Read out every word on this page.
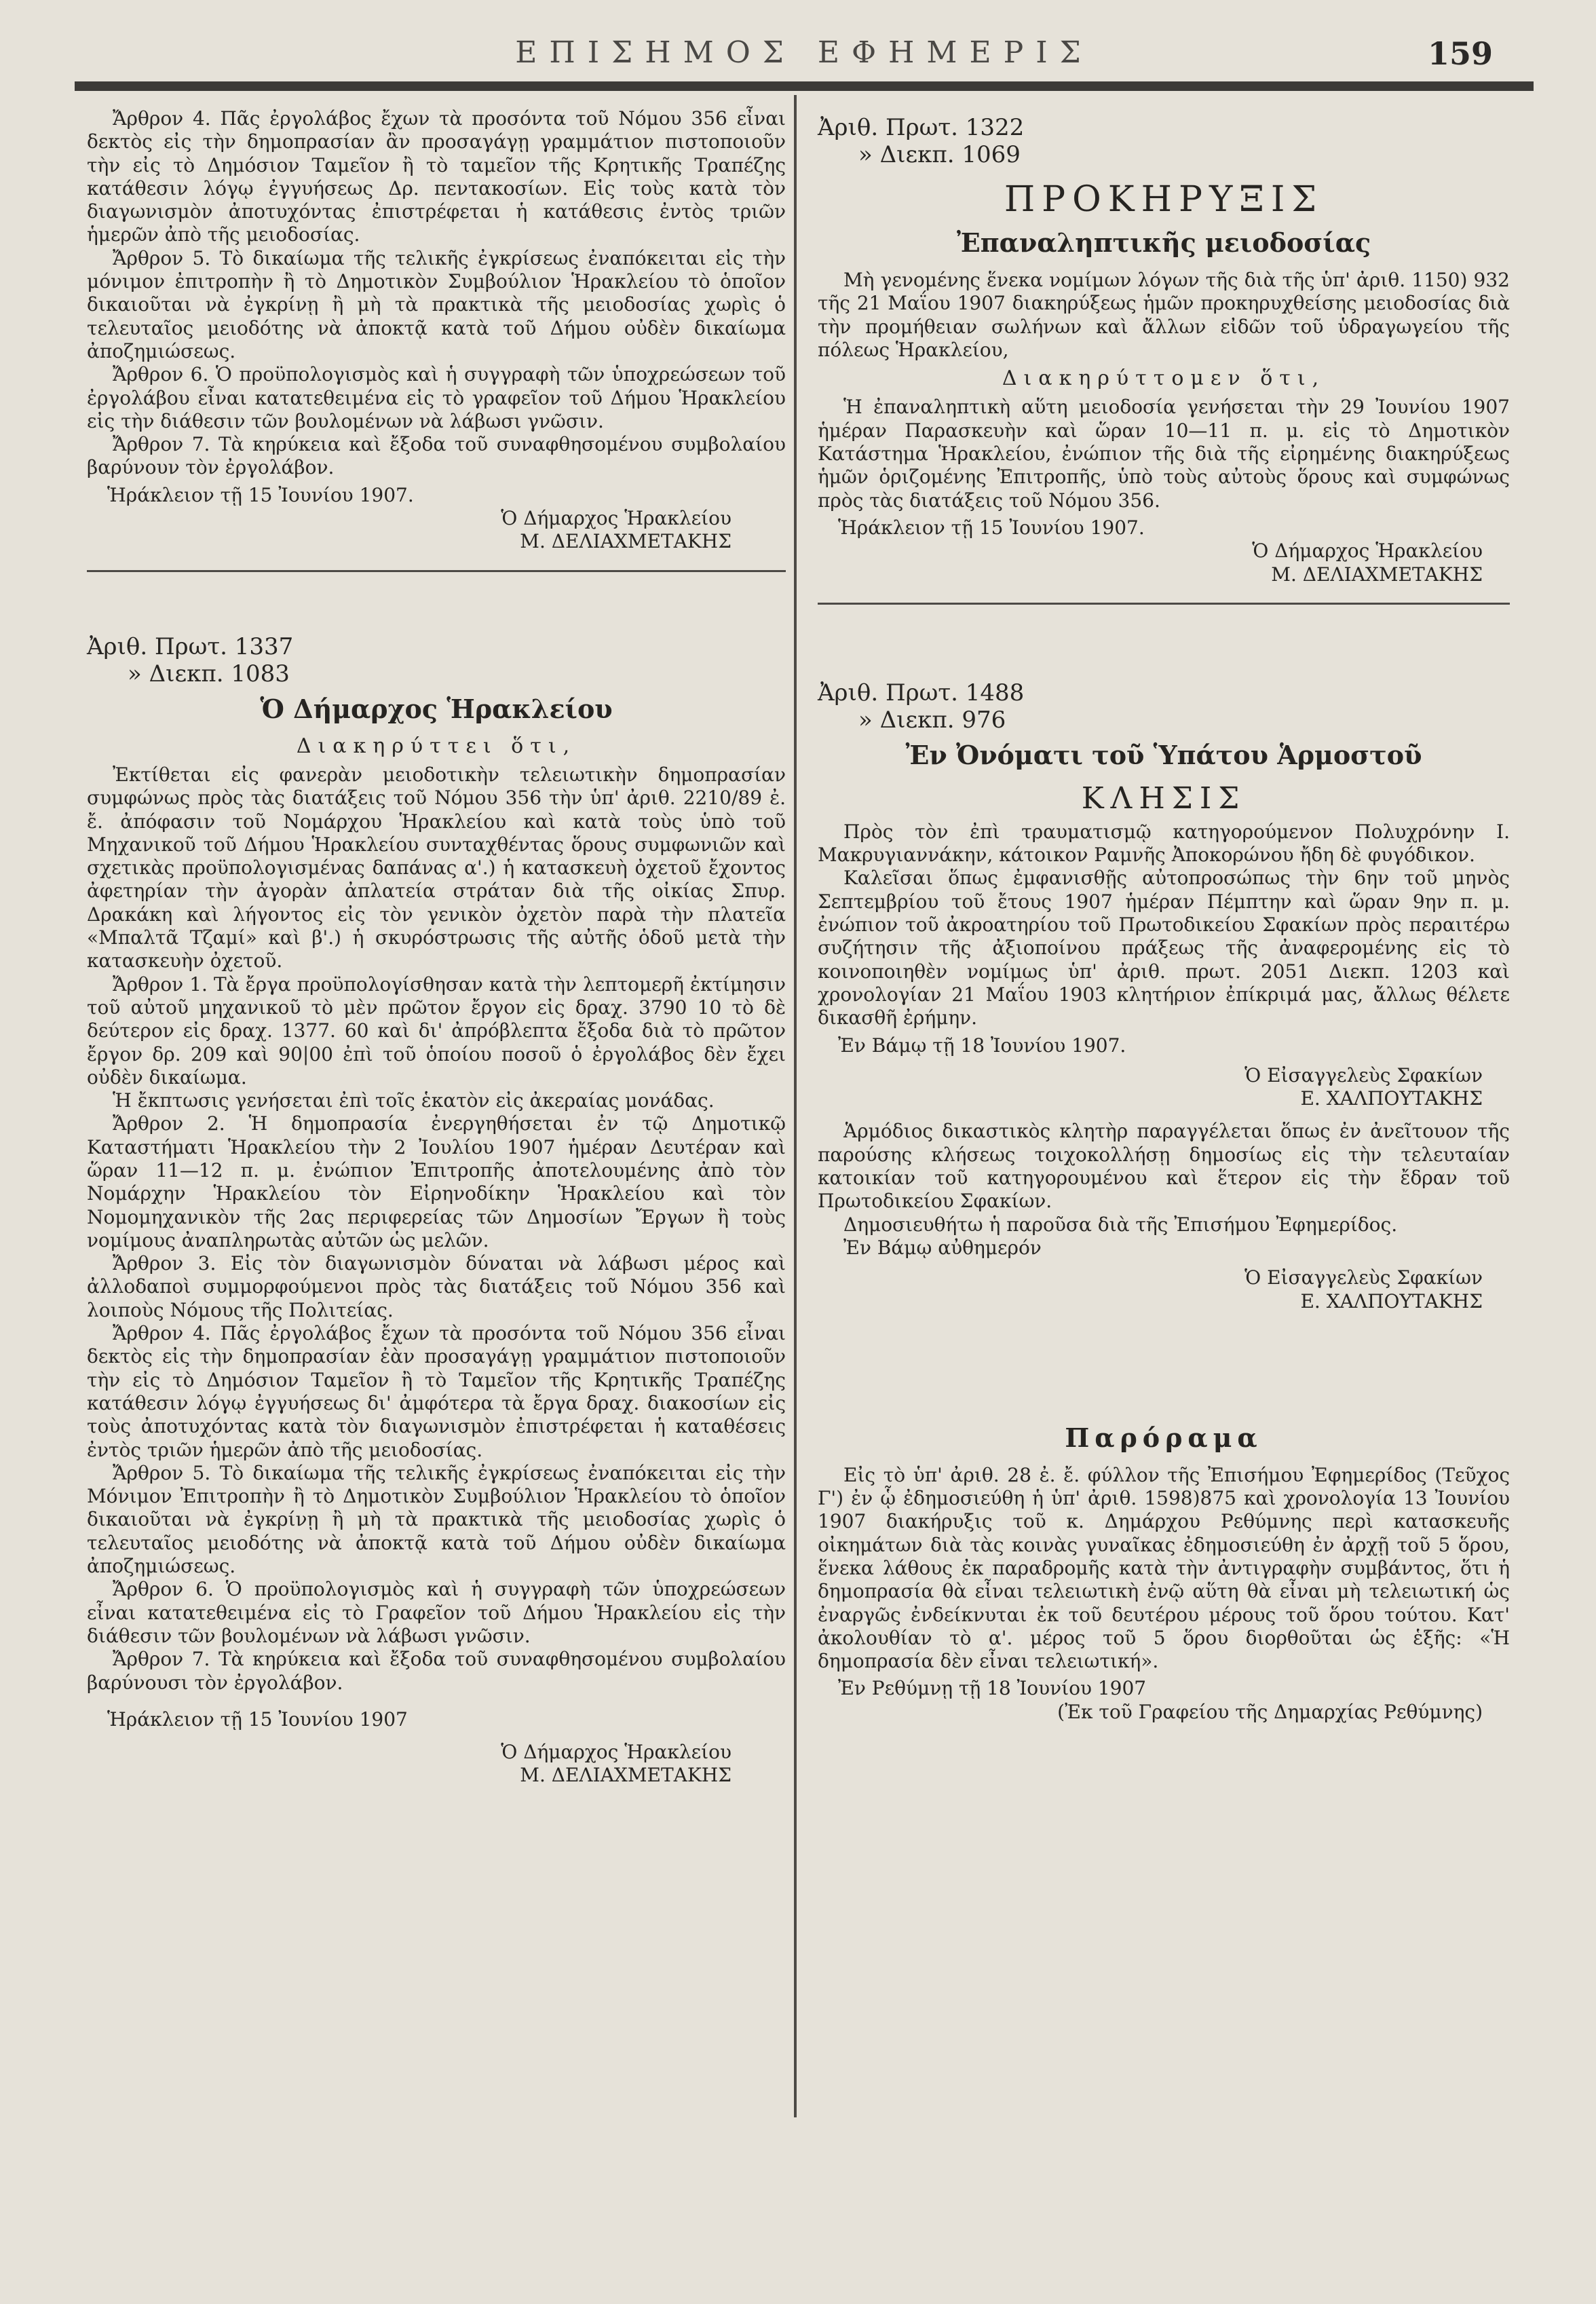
ΕΠΙΣΗΜΟΣ ΕΦΗΜΕΡΙΣ	159

Ἄρθρον 4. Πᾶς ἐργολάβος ἔχων τὰ προσόντα τοῦ Νόμου 356 εἶναι δεκτὸς εἰς τὴν δημοπρασίαν ἂν προσαγάγῃ γραμμάτιον πιστοποιοῦν τὴν εἰς τὸ Δημόσιον Ταμεῖον ἢ τὸ ταμεῖον τῆς Κρητικῆς Τραπέζης κατάθεσιν λόγῳ ἐγγυήσεως Δρ. πεντακοσίων. Εἰς τοὺς κατὰ τὸν διαγωνισμὸν ἀποτυχόντας ἐπιστρέφεται ἡ κατάθεσις ἐντὸς τριῶν ἡμερῶν ἀπὸ τῆς μειοδοσίας.

Ἄρθρον 5. Τὸ δικαίωμα τῆς τελικῆς ἐγκρίσεως ἐναπόκειται εἰς τὴν μόνιμον ἐπιτροπὴν ἢ τὸ Δημοτικὸν Συμβούλιον Ἡρακλείου τὸ ὁποῖον δικαιοῦται νὰ ἐγκρίνῃ ἢ μὴ τὰ πρακτικὰ τῆς μειοδοσίας χωρὶς ὁ τελευταῖος μειοδότης νὰ ἀποκτᾷ κατὰ τοῦ Δήμου οὐδὲν δικαίωμα ἀποζημιώσεως.

Ἄρθρον 6. Ὁ προϋπολογισμὸς καὶ ἡ συγγραφὴ τῶν ὑποχρεώσεων τοῦ ἐργολάβου εἶναι κατατεθειμένα εἰς τὸ γραφεῖον τοῦ Δήμου Ἡρακλείου εἰς τὴν διάθεσιν τῶν βουλομένων νὰ λάβωσι γνῶσιν.

Ἄρθρον 7. Τὰ κηρύκεια καὶ ἔξοδα τοῦ συναφθησομένου συμβολαίου βαρύνουν τὸν ἐργολάβον.

Ἡράκλειον τῇ 15 Ἰουνίου 1907.

Ὁ Δήμαρχος Ἡρακλείου

Μ. ΔΕΛΙΑΧΜΕΤΑΚΗΣ

Ἀριθ. Πρωτ. 1337
» Διεκπ. 1083
Ὁ Δήμαρχος Ἡρακλείου
Διακηρύττει ὅτι,

Ἐκτίθεται εἰς φανερὰν μειοδοτικὴν τελειωτικὴν δημοπρασίαν συμφώνως πρὸς τὰς διατάξεις τοῦ Νόμου 356 τὴν ὑπ' ἀριθ. 2210/89 ἐ. ἔ. ἀπόφασιν τοῦ Νομάρχου Ἡρακλείου καὶ κατὰ τοὺς ὑπὸ τοῦ Μηχανικοῦ τοῦ Δήμου Ἡρακλείου συνταχθέντας ὅρους συμφωνιῶν καὶ σχετικὰς προϋπολογισμένας δαπάνας α'.) ἡ κατασκευὴ ὀχετοῦ ἔχοντος ἀφετηρίαν τὴν ἀγορὰν ἀπλατεία στράταν διὰ τῆς οἰκίας Σπυρ. Δρακάκη καὶ λήγοντος εἰς τὸν γενικὸν ὀχετὸν παρὰ τὴν πλατεῖα «Μπαλτᾶ Τζαμί» καὶ β'.) ἡ σκυρόστρωσις τῆς αὐτῆς ὁδοῦ μετὰ τὴν κατασκευὴν ὀχετοῦ.

Ἄρθρον 1. Τὰ ἔργα προϋπολογίσθησαν κατὰ τὴν λεπτομερῆ ἐκτίμησιν τοῦ αὐτοῦ μηχανικοῦ τὸ μὲν πρῶτον ἔργον εἰς δραχ. 3790 10 τὸ δὲ δεύτερον εἰς δραχ. 1377. 60 καὶ δι' ἀπρόβλεπτα ἔξοδα διὰ τὸ πρῶτον ἔργον δρ. 209 καὶ 90|00 ἐπὶ τοῦ ὁποίου ποσοῦ ὁ ἐργολάβος δὲν ἔχει οὐδὲν δικαίωμα.

Ἡ ἔκπτωσις γενήσεται ἐπὶ τοῖς ἑκατὸν εἰς ἀκεραίας μονάδας.

Ἄρθρον 2. Ἡ δημοπρασία ἐνεργηθήσεται ἐν τῷ Δημοτικῷ Καταστήματι Ἡρακλείου τὴν 2 Ἰουλίου 1907 ἡμέραν Δευτέραν καὶ ὥραν 11—12 π. μ. ἐνώπιον Ἐπιτροπῆς ἀποτελουμένης ἀπὸ τὸν Νομάρχην Ἡρακλείου τὸν Εἰρηνοδίκην Ἡρακλείου καὶ τὸν Νομομηχανικὸν τῆς 2ας περιφερείας τῶν Δημοσίων Ἔργων ἢ τοὺς νομίμους ἀναπληρωτὰς αὐτῶν ὡς μελῶν.

Ἄρθρον 3. Εἰς τὸν διαγωνισμὸν δύναται νὰ λάβωσι μέρος καὶ ἀλλοδαποὶ συμμορφούμενοι πρὸς τὰς διατάξεις τοῦ Νόμου 356 καὶ λοιποὺς Νόμους τῆς Πολιτείας.

Ἄρθρον 4. Πᾶς ἐργολάβος ἔχων τὰ προσόντα τοῦ Νόμου 356 εἶναι δεκτὸς εἰς τὴν δημοπρασίαν ἐὰν προσαγάγῃ γραμμάτιον πιστοποιοῦν τὴν εἰς τὸ Δημόσιον Ταμεῖον ἢ τὸ Ταμεῖον τῆς Κρητικῆς Τραπέζης κατάθεσιν λόγῳ ἐγγυήσεως δι' ἀμφότερα τὰ ἔργα δραχ. διακοσίων εἰς τοὺς ἀποτυχόντας κατὰ τὸν διαγωνισμὸν ἐπιστρέφεται ἡ καταθέσεις ἐντὸς τριῶν ἡμερῶν ἀπὸ τῆς μειοδοσίας.

Ἄρθρον 5. Τὸ δικαίωμα τῆς τελικῆς ἐγκρίσεως ἐναπόκειται εἰς τὴν Μόνιμον Ἐπιτροπὴν ἢ τὸ Δημοτικὸν Συμβούλιον Ἡρακλείου τὸ ὁποῖον δικαιοῦται νὰ ἐγκρίνῃ ἢ μὴ τὰ πρακτικὰ τῆς μειοδοσίας χωρὶς ὁ τελευταῖος μειοδότης νὰ ἀποκτᾷ κατὰ τοῦ Δήμου οὐδὲν δικαίωμα ἀποζημιώσεως.

Ἄρθρον 6. Ὁ προϋπολογισμὸς καὶ ἡ συγγραφὴ τῶν ὑποχρεώσεων εἶναι κατατεθειμένα εἰς τὸ Γραφεῖον τοῦ Δήμου Ἡρακλείου εἰς τὴν διάθεσιν τῶν βουλομένων νὰ λάβωσι γνῶσιν.

Ἄρθρον 7. Τὰ κηρύκεια καὶ ἔξοδα τοῦ συναφθησομένου συμβολαίου βαρύνουσι τὸν ἐργολάβον.

Ἡράκλειον τῇ 15 Ἰουνίου 1907

Ὁ Δήμαρχος Ἡρακλείου

Μ. ΔΕΛΙΑΧΜΕΤΑΚΗΣ

Ἀριθ. Πρωτ. 1322
» Διεκπ. 1069
ΠΡΟΚΗΡΥΞΙΣ
Ἐπαναληπτικῆς μειοδοσίας

Μὴ γενομένης ἕνεκα νομίμων λόγων τῆς διὰ τῆς ὑπ' ἀριθ. 1150) 932 τῆς 21 Μαΐου 1907 διακηρύξεως ἡμῶν προκηρυχθείσης μειοδοσίας διὰ τὴν προμήθειαν σωλήνων καὶ ἄλλων εἰδῶν τοῦ ὑδραγωγείου τῆς πόλεως Ἡρακλείου,

Διακηρύττομεν ὅτι,

Ἡ ἐπαναληπτικὴ αὕτη μειοδοσία γενήσεται τὴν 29 Ἰουνίου 1907 ἡμέραν Παρασκευὴν καὶ ὥραν 10—11 π. μ. εἰς τὸ Δημοτικὸν Κατάστημα Ἡρακλείου, ἐνώπιον τῆς διὰ τῆς εἰρημένης διακηρύξεως ἡμῶν ὁριζομένης Ἐπιτροπῆς, ὑπὸ τοὺς αὐτοὺς ὅρους καὶ συμφώνως πρὸς τὰς διατάξεις τοῦ Νόμου 356.

Ἡράκλειον τῇ 15 Ἰουνίου 1907.

Ὁ Δήμαρχος Ἡρακλείου

Μ. ΔΕΛΙΑΧΜΕΤΑΚΗΣ

Ἀριθ. Πρωτ. 1488
» Διεκπ. 976
Ἐν Ὀνόματι τοῦ Ὑπάτου Ἁρμοστοῦ
ΚΛΗΣΙΣ

Πρὸς τὸν ἐπὶ τραυματισμῷ κατηγορούμενον Πολυχρόνην Ι. Μακρυγιαννάκην, κάτοικον Ραμνῆς Ἀποκορώνου ἤδη δὲ φυγόδικον.

Καλεῖσαι ὅπως ἐμφανισθῇς αὐτοπροσώπως τὴν 6ην τοῦ μηνὸς Σεπτεμβρίου τοῦ ἔτους 1907 ἡμέραν Πέμπτην καὶ ὥραν 9ην π. μ. ἐνώπιον τοῦ ἀκροατηρίου τοῦ Πρωτοδικείου Σφακίων πρὸς περαιτέρω συζήτησιν τῆς ἀξιοποίνου πράξεως τῆς ἀναφερομένης εἰς τὸ κοινοποιηθὲν νομίμως ὑπ' ἀριθ. πρωτ. 2051 Διεκπ. 1203 καὶ χρονολογίαν 21 Μαΐου 1903 κλητήριον ἐπίκριμά μας, ἄλλως θέλετε δικασθῆ ἐρήμην.

Ἐν Βάμῳ τῇ 18 Ἰουνίου 1907.

Ὁ Εἰσαγγελεὺς Σφακίων

Ε. ΧΑΛΠΟΥΤΑΚΗΣ

Ἁρμόδιος δικαστικὸς κλητὴρ παραγγέλεται ὅπως ἐν ἀνεῖτουον τῆς παρούσης κλήσεως τοιχοκολλήσῃ δημοσίως εἰς τὴν τελευταίαν κατοικίαν τοῦ κατηγορουμένου καὶ ἕτερον εἰς τὴν ἔδραν τοῦ Πρωτοδικείου Σφακίων.

Δημοσιευθήτω ἡ παροῦσα διὰ τῆς Ἐπισήμου Ἐφημερίδος.

Ἐν Βάμῳ αὐθημερόν

Ὁ Εἰσαγγελεὺς Σφακίων

Ε. ΧΑΛΠΟΥΤΑΚΗΣ

Παρόραμα

Εἰς τὸ ὑπ' ἀριθ. 28 ἐ. ἔ. φύλλον τῆς Ἐπισήμου Ἐφημερίδος (Τεῦχος Γ') ἐν ᾧ ἐδημοσιεύθη ἡ ὑπ' ἀριθ. 1598)875 καὶ χρονολογία 13 Ἰουνίου 1907 διακήρυξις τοῦ κ. Δημάρχου Ρεθύμνης περὶ κατασκευῆς οἰκημάτων διὰ τὰς κοινὰς γυναῖκας ἐδημοσιεύθη ἐν ἀρχῇ τοῦ 5 ὅρου, ἕνεκα λάθους ἐκ παραδρομῆς κατὰ τὴν ἀντιγραφὴν συμβάντος, ὅτι ἡ δημοπρασία θὰ εἶναι τελειωτικὴ ἐνῷ αὕτη θὰ εἶναι μὴ τελειωτική ὡς ἐναργῶς ἐνδείκνυται ἐκ τοῦ δευτέρου μέρους τοῦ ὅρου τούτου. Κατ' ἀκολουθίαν τὸ α'. μέρος τοῦ 5 ὅρου διορθοῦται ὡς ἑξῆς: «Ἡ δημοπρασία δὲν εἶναι τελειωτική».

Ἐν Ρεθύμνῃ τῇ 18 Ἰουνίου 1907

(Ἐκ τοῦ Γραφείου τῆς Δημαρχίας Ρεθύμνης)
